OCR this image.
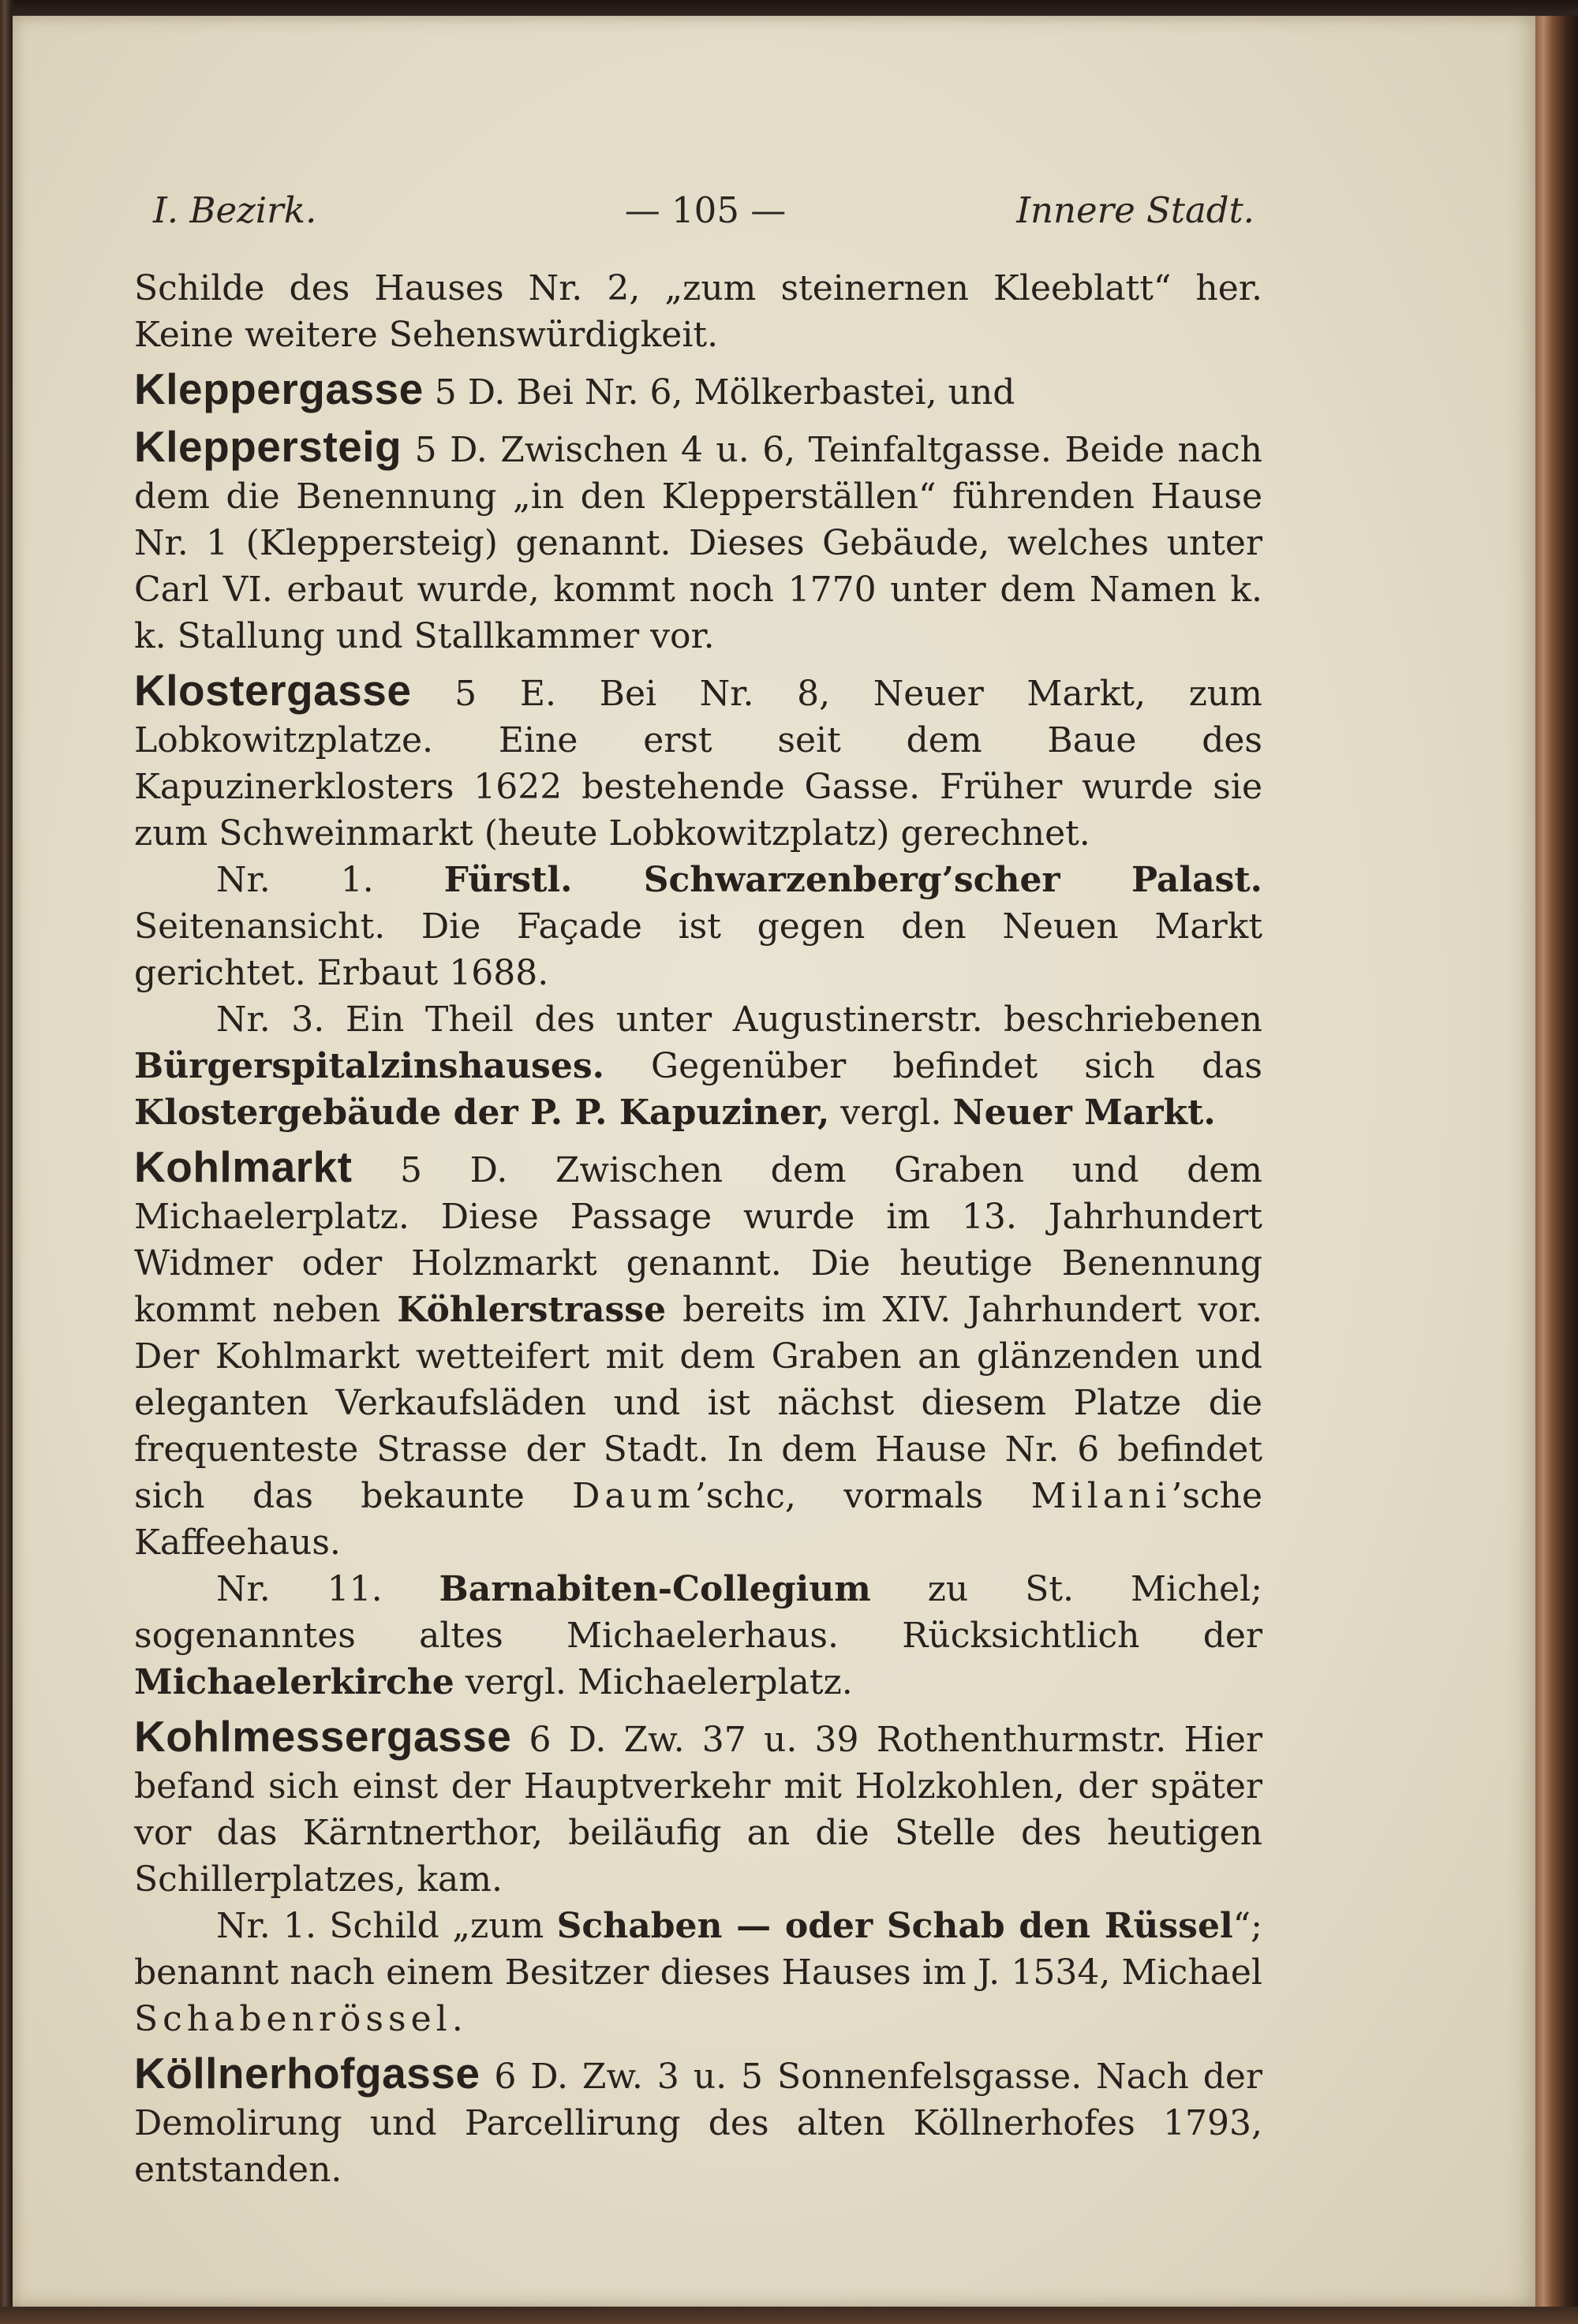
I. Bezirk.	— 105 —	Innere Stadt.

Schilde des Hauses Nr. 2, „zum steinernen Kleeblatt“ her. Keine weitere Sehenswürdigkeit.

Kleppergasse 5 D. Bei Nr. 6, Mölkerbastei, und

Kleppersteig 5 D. Zwischen 4 u. 6, Teinfaltgasse. Beide nach dem die Benennung „in den Klepperställen“ führenden Hause Nr. 1 (Kleppersteig) genannt. Dieses Gebäude, welches unter Carl VI. erbaut wurde, kommt noch 1770 unter dem Namen k. k. Stallung und Stallkammer vor.

Klostergasse 5 E. Bei Nr. 8, Neuer Markt, zum Lobkowitzplatze. Eine erst seit dem Baue des Kapuzinerklosters 1622 bestehende Gasse. Früher wurde sie zum Schweinmarkt (heute Lobkowitzplatz) gerechnet.

Nr. 1. Fürstl. Schwarzenberg’scher Palast. Seitenansicht. Die Façade ist gegen den Neuen Markt gerichtet. Erbaut 1688.

Nr. 3. Ein Theil des unter Augustinerstr. beschriebenen Bürgerspitalzinshauses. Gegenüber befindet sich das Klostergebäude der P. P. Kapuziner, vergl. Neuer Markt.

Kohlmarkt 5 D. Zwischen dem Graben und dem Michaelerplatz. Diese Passage wurde im 13. Jahrhundert Widmer oder Holzmarkt genannt. Die heutige Benennung kommt neben Köhlerstrasse bereits im XIV. Jahrhundert vor. Der Kohlmarkt wetteifert mit dem Graben an glänzenden und eleganten Verkaufsläden und ist nächst diesem Platze die frequenteste Strasse der Stadt. In dem Hause Nr. 6 befindet sich das bekaunte Daum’schc, vormals Milani’sche Kaffeehaus.

Nr. 11. Barnabiten-Collegium zu St. Michel; sogenanntes altes Michaelerhaus. Rücksichtlich der Michaelerkirche vergl. Michaelerplatz.

Kohlmessergasse 6 D. Zw. 37 u. 39 Rothenthurmstr. Hier befand sich einst der Hauptverkehr mit Holzkohlen, der später vor das Kärntnerthor, beiläufig an die Stelle des heutigen Schillerplatzes, kam.

Nr. 1. Schild „zum Schaben — oder Schab den Rüssel“; benannt nach einem Besitzer dieses Hauses im J. 1534, Michael Schabenrössel.

Köllnerhofgasse 6 D. Zw. 3 u. 5 Sonnenfelsgasse. Nach der Demolirung und Parcellirung des alten Köllnerhofes 1793, entstanden.
